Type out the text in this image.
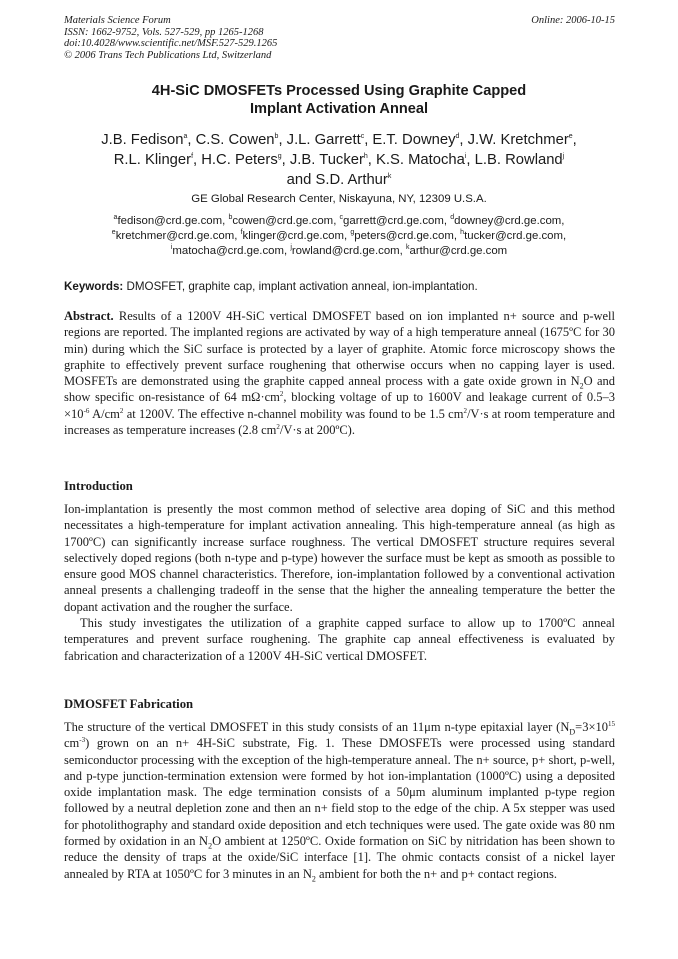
Materials Science Forum
ISSN: 1662-9752, Vols. 527-529, pp 1265-1268
doi:10.4028/www.scientific.net/MSF.527-529.1265
© 2006 Trans Tech Publications Ltd, Switzerland
Online: 2006-10-15
4H-SiC DMOSFETs Processed Using Graphite Capped
Implant Activation Anneal
J.B. Fedison$^a$, C.S. Cowen$^b$, J.L. Garrett$^c$, E.T. Downey$^d$, J.W. Kretchmer$^e$,
R.L. Klinger$^f$, H.C. Peters$^g$, J.B. Tucker$^h$, K.S. Matocha$^i$, L.B. Rowland$^j$
and S.D. Arthur$^k$
GE Global Research Center, Niskayuna, NY, 12309 U.S.A.
$^a$fedison@crd.ge.com, $^b$cowen@crd.ge.com, $^c$garrett@crd.ge.com, $^d$downey@crd.ge.com,
$^e$kretchmer@crd.ge.com, $^f$klinger@crd.ge.com, $^g$peters@crd.ge.com, $^h$tucker@crd.ge.com,
$^i$matocha@crd.ge.com, $^j$rowland@crd.ge.com, $^k$arthur@crd.ge.com
Keywords: DMOSFET, graphite cap, implant activation anneal, ion-implantation.
Abstract. Results of a 1200V 4H-SiC vertical DMOSFET based on ion implanted n+ source and p-well regions are reported. The implanted regions are activated by way of a high temperature anneal (1675ºC for 30 min) during which the SiC surface is protected by a layer of graphite. Atomic force microscopy shows the graphite to effectively prevent surface roughening that otherwise occurs when no capping layer is used. MOSFETs are demonstrated using the graphite capped anneal process with a gate oxide grown in $N_2O$ and show specific on-resistance of 64 $m\Omega\cdot cm^2$, blocking voltage of up to 1600V and leakage current of $0.5-3 \times 10^{-6}$ $A/cm^2$ at 1200V. The effective n-channel mobility was found to be 1.5 $cm^2/V\cdot s$ at room temperature and increases as temperature increases (2.8 $cm^2/V\cdot s$ at 200ºC).
Introduction

Ion-implantation is presently the most common method of selective area doping of SiC and this method necessitates a high-temperature for implant activation annealing. This high-temperature anneal (as high as 1700ºC) can significantly increase surface roughness. The vertical DMOSFET structure requires several selectively doped regions (both n-type and p-type) however the surface must be kept as smooth as possible to ensure good MOS channel characteristics. Therefore, ion-implantation followed by a conventional activation anneal presents a challenging tradeoff in the sense that the higher the annealing temperature the better the dopant activation and the rougher the surface.

This study investigates the utilization of a graphite capped surface to allow up to 1700ºC anneal temperatures and prevent surface roughening. The graphite cap anneal effectiveness is evaluated by fabrication and characterization of a 1200V 4H-SiC vertical DMOSFET.

DMOSFET Fabrication
The structure of the vertical DMOSFET in this study consists of an 11μm n-type epitaxial layer ($N_D=3\times 10^{15}$ $cm^{-3}$) grown on an n+ 4H-SiC substrate, Fig. 1. These DMOSFETs were processed using standard semiconductor processing with the exception of the high-temperature anneal. The n+ source, p+ short, p-well, and p-type junction-termination extension were formed by hot ion-implantation (1000ºC) using a deposited oxide implantation mask. The edge termination consists of a 50μm aluminum implanted p-type region followed by a neutral depletion zone and then an n+ field stop to the edge of the chip. A 5x stepper was used for photolithography and standard oxide deposition and etch techniques were used. The gate oxide was 80 nm formed by oxidation in an $N_2O$ ambient at 1250ºC. Oxide formation on SiC by nitridation has been shown to reduce the density of traps at the oxide/SiC interface [1]. The ohmic contacts consist of a nickel layer annealed by RTA at 1050ºC for 3 minutes in an $N_2$ ambient for both the n+ and p+ contact regions.
